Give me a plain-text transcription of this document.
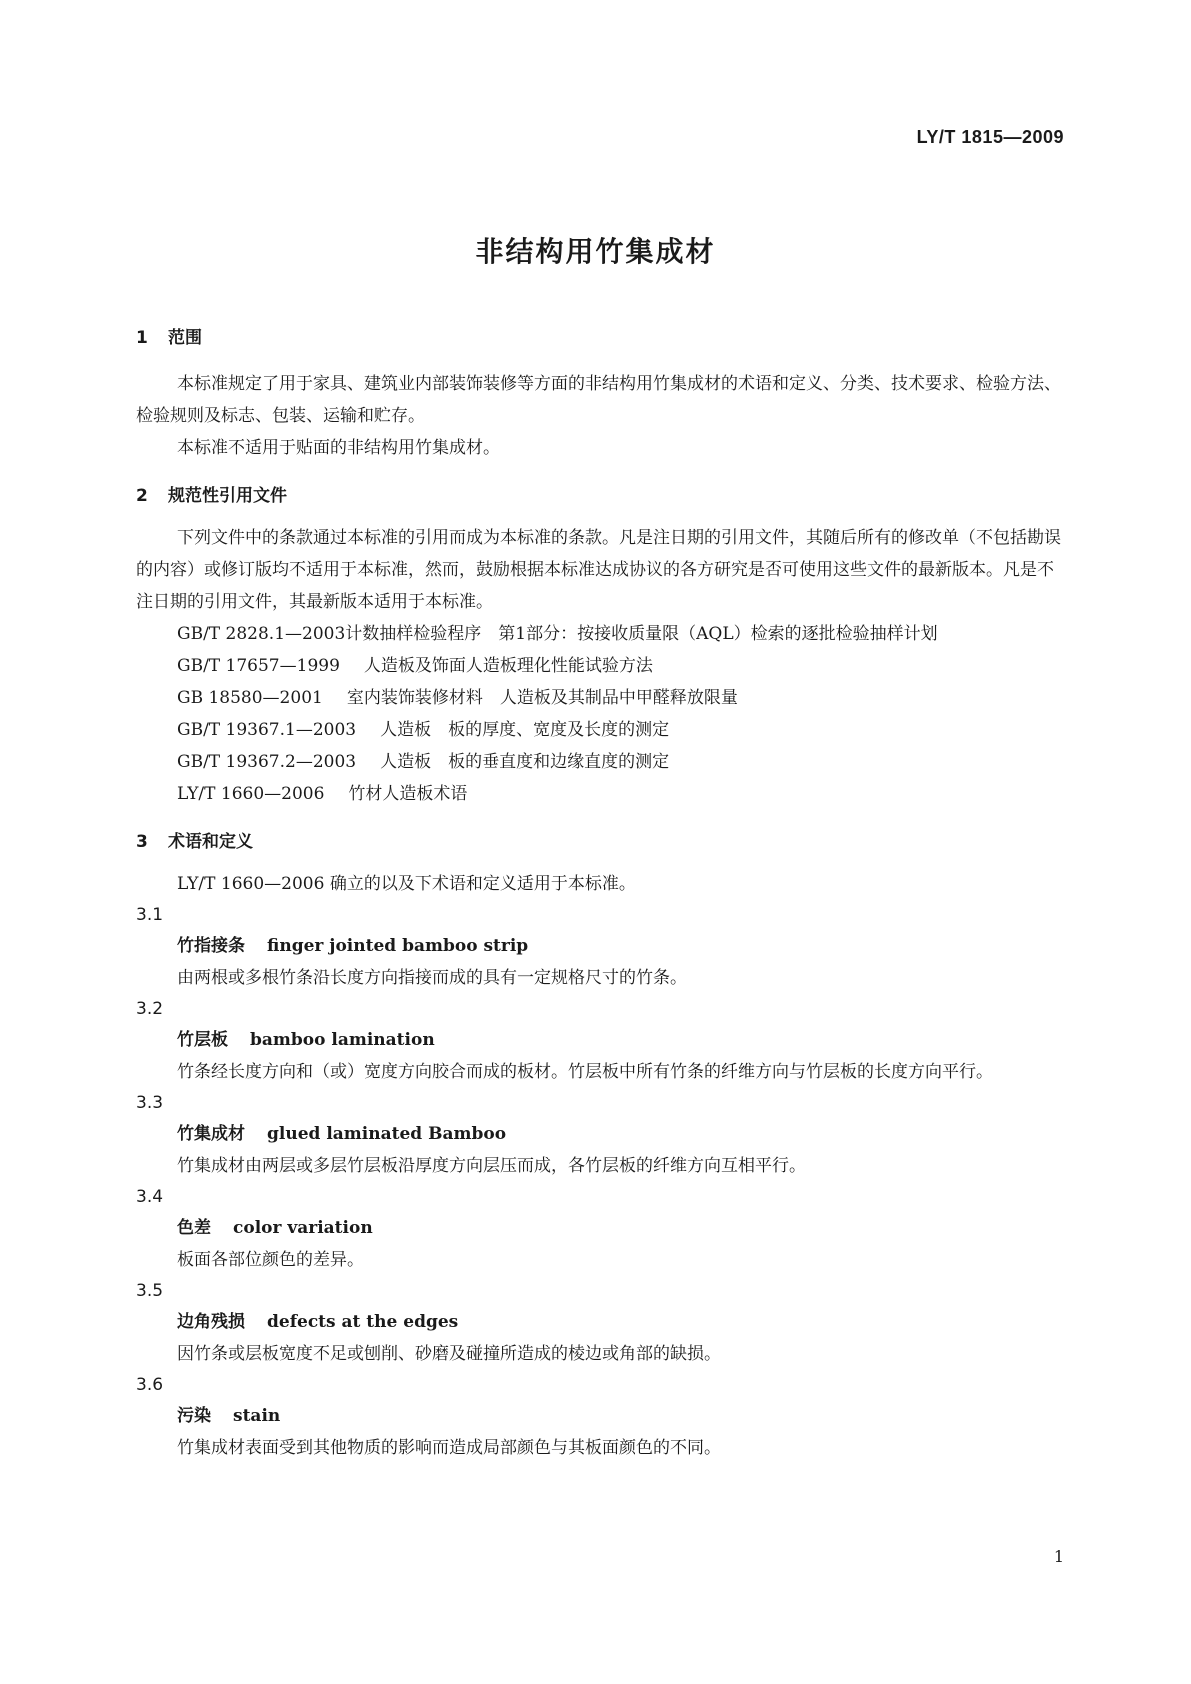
LY/T 1815—2009
非结构用竹集成材

1 范围

本标准规定了用于家具、建筑业内部装饰装修等方面的非结构用竹集成材的术语和定义、分类、技术要求、检验方法、检验规则及标志、包装、运输和贮存。

本标准不适用于贴面的非结构用竹集成材。

2 规范性引用文件

下列文件中的条款通过本标准的引用而成为本标准的条款。凡是注日期的引用文件，其随后所有的修改单（不包括勘误的内容）或修订版均不适用于本标准，然而，鼓励根据本标准达成协议的各方研究是否可使用这些文件的最新版本。凡是不注日期的引用文件，其最新版本适用于本标准。

GB/T 2828.1—2003计数抽样检验程序　第1部分：按接收质量限（AQL）检索的逐批检验抽样计划

GB/T 17657—1999 人造板及饰面人造板理化性能试验方法

GB 18580—2001 室内装饰装修材料　人造板及其制品中甲醛释放限量

GB/T 19367.1—2003 人造板　板的厚度、宽度及长度的测定

GB/T 19367.2—2003 人造板　板的垂直度和边缘直度的测定

LY/T 1660—2006 竹材人造板术语

3 术语和定义

LY/T 1660—2006 确立的以及下术语和定义适用于本标准。

3.1

竹指接条 finger jointed bamboo strip

由两根或多根竹条沿长度方向指接而成的具有一定规格尺寸的竹条。

3.2

竹层板 bamboo lamination

竹条经长度方向和（或）宽度方向胶合而成的板材。竹层板中所有竹条的纤维方向与竹层板的长度方向平行。

3.3

竹集成材 glued laminated Bamboo

竹集成材由两层或多层竹层板沿厚度方向层压而成，各竹层板的纤维方向互相平行。

3.4

色差 color variation

板面各部位颜色的差异。

3.5

边角残损 defects at the edges

因竹条或层板宽度不足或刨削、砂磨及碰撞所造成的棱边或角部的缺损。

3.6

污染 stain

竹集成材表面受到其他物质的影响而造成局部颜色与其板面颜色的不同。

1
